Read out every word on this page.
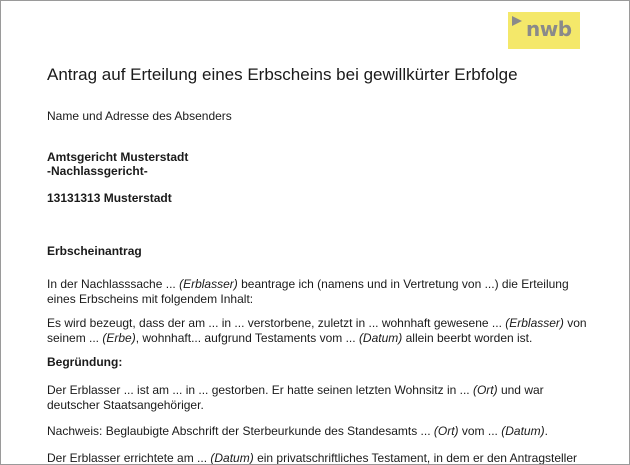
nwb
Antrag auf Erteilung eines Erbscheins bei gewillkürter Erbfolge
Name und Adresse des Absenders
Amtsgericht Musterstadt
-Nachlassgericht-
13131313 Musterstadt
Erbscheinantrag
In der Nachlasssache ... (Erblasser) beantrage ich (namens und in Vertretung von ...) die Erteilung
eines Erbscheins mit folgendem Inhalt:
Es wird bezeugt, dass der am ... in ... verstorbene, zuletzt in ... wohnhaft gewesene ... (Erblasser) von
seinem ... (Erbe), wohnhaft... aufgrund Testaments vom ... (Datum) allein beerbt worden ist.
Begründung:
Der Erblasser ... ist am ... in ... gestorben. Er hatte seinen letzten Wohnsitz in ... (Ort) und war
deutscher Staatsangehöriger.
Nachweis: Beglaubigte Abschrift der Sterbeurkunde des Standesamts ... (Ort) vom ... (Datum).
Der Erblasser errichtete am ... (Datum) ein privatschriftliches Testament, in dem er den Antragsteller
